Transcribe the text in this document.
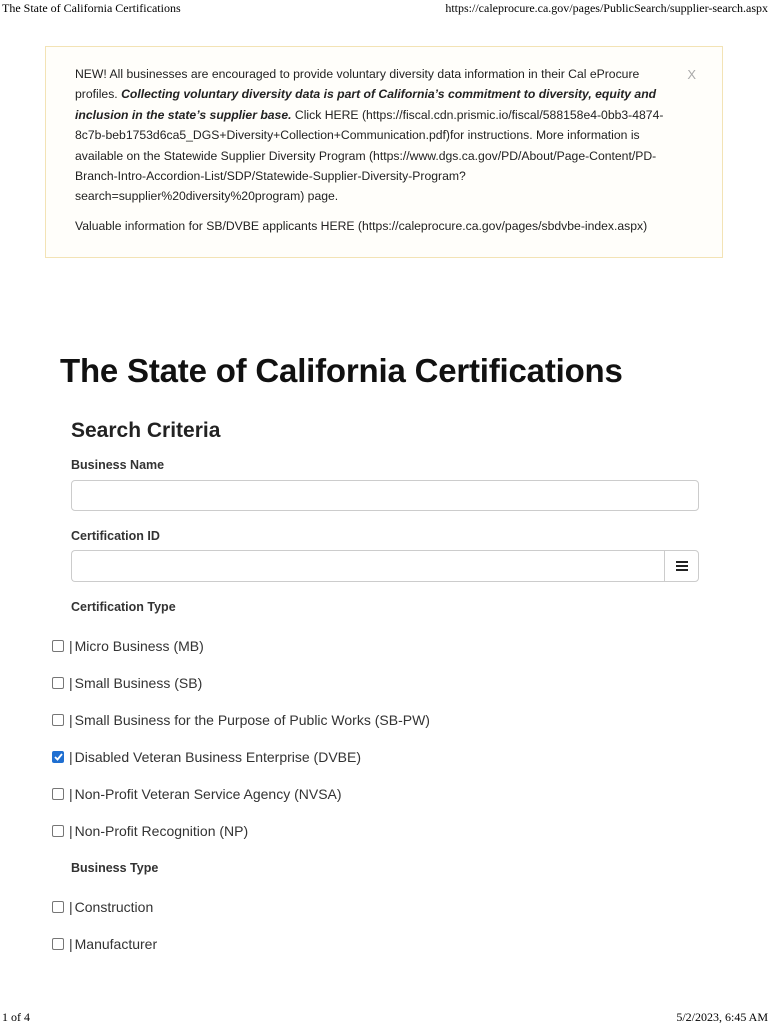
The State of California Certifications	https://caleprocure.ca.gov/pages/PublicSearch/supplier-search.aspx
X

NEW! All businesses are encouraged to provide voluntary diversity data information in their Cal eProcure profiles. Collecting voluntary diversity data is part of California’s commitment to diversity, equity and inclusion in the state’s supplier base. Click HERE (https://fiscal.cdn.prismic.io/fiscal/588158e4-0bb3-4874-8c7b-beb1753d6ca5_DGS+Diversity+Collection+Communication.pdf)for instructions. More information is available on the Statewide Supplier Diversity Program (https://www.dgs.ca.gov/PD/About/Page-Content/PD-Branch-Intro-Accordion-List/SDP/Statewide-Supplier-Diversity-Program?search=supplier%20diversity%20program) page.

Valuable information for SB/DVBE applicants HERE (https://caleprocure.ca.gov/pages/sbdvbe-index.aspx)

The State of California Certifications
Search Criteria
Business Name
Certification ID
Certification Type
| Micro Business (MB)
| Small Business (SB)
| Small Business for the Purpose of Public Works (SB-PW)
| Disabled Veteran Business Enterprise (DVBE)
| Non-Profit Veteran Service Agency (NVSA)
| Non-Profit Recognition (NP)
Business Type
| Construction
| Manufacturer
1 of 4	5/2/2023, 6:45 AM
